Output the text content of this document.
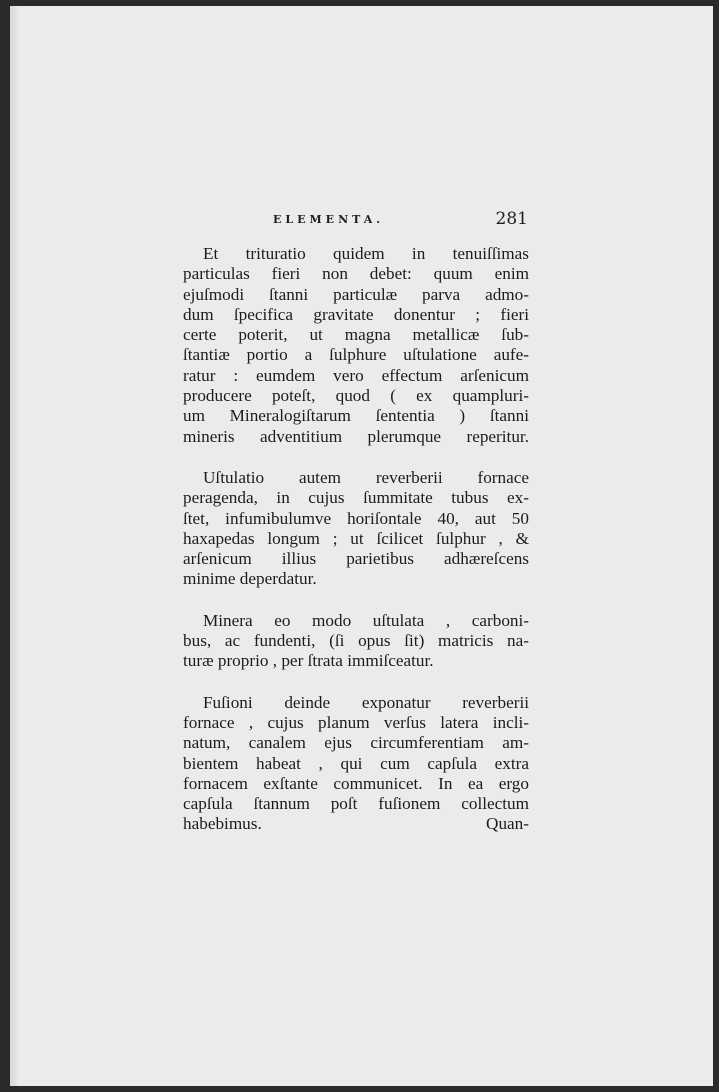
ELEMENTA.	281

Et trituratio quidem in tenuiſſimas
particulas fieri non debet: quum enim
ejuſmodi ſtanni particulæ parva admo-
dum ſpecifica gravitate donentur ; fieri
certe poterit, ut magna metallicæ ſub-
ſtantiæ portio a ſulphure uſtulatione aufe-
ratur : eumdem vero effectum arſenicum
producere poteſt, quod ( ex quampluri-
um Mineralogiſtarum ſententia ) ſtanni
mineris adventitium plerumque reperitur.

Uſtulatio autem reverberii fornace
peragenda, in cujus ſummitate tubus ex-
ſtet, infumibulumve horiſontale 40, aut 50
haxapedas longum ; ut ſcilicet ſulphur , &
arſenicum illius parietibus adhæreſcens
minime deperdatur.

Minera eo modo uſtulata , carboni-
bus, ac fundenti, (ſi opus ſit) matricis na-
turæ proprio , per ſtrata immiſceatur.

Fuſioni deinde exponatur reverberii
fornace , cujus planum verſus latera incli-
natum, canalem ejus circumferentiam am-
bientem habeat , qui cum capſula extra
fornacem exſtante communicet. In ea ergo
capſula ſtannum poſt fuſionem collectum
habebimus.	Quan-
